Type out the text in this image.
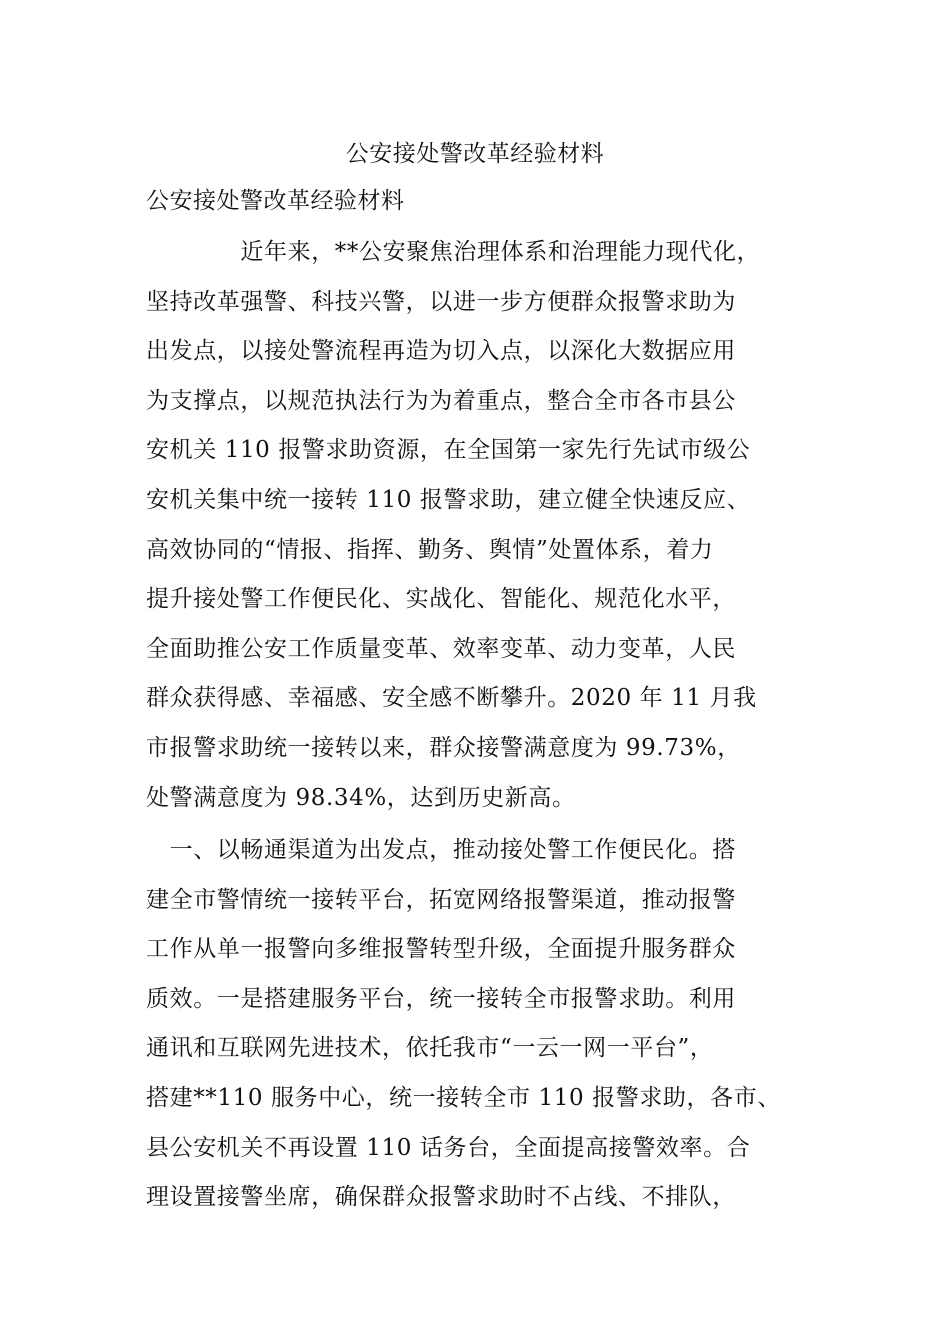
公安接处警改革经验材料
公安接处警改革经验材料
　　　　近年来，**公安聚焦治理体系和治理能力现代化，
坚持改革强警、科技兴警，以进一步方便群众报警求助为
出发点，以接处警流程再造为切入点，以深化大数据应用
为支撑点，以规范执法行为为着重点，整合全市各市县公
安机关 110 报警求助资源，在全国第一家先行先试市级公
安机关集中统一接转 110 报警求助，建立健全快速反应、
高效协同的“情报、指挥、勤务、舆情”处置体系，着力
提升接处警工作便民化、实战化、智能化、规范化水平，
全面助推公安工作质量变革、效率变革、动力变革，人民
群众获得感、幸福感、安全感不断攀升。2020 年 11 月我
市报警求助统一接转以来，群众接警满意度为 99.73%，
处警满意度为 98.34%，达到历史新高。
　一、以畅通渠道为出发点，推动接处警工作便民化。搭
建全市警情统一接转平台，拓宽网络报警渠道，推动报警
工作从单一报警向多维报警转型升级，全面提升服务群众
质效。一是搭建服务平台，统一接转全市报警求助。利用
通讯和互联网先进技术，依托我市“一云一网一平台”，
搭建**110 服务中心，统一接转全市 110 报警求助，各市、
县公安机关不再设置 110 话务台，全面提高接警效率。合
理设置接警坐席，确保群众报警求助时不占线、不排队，
